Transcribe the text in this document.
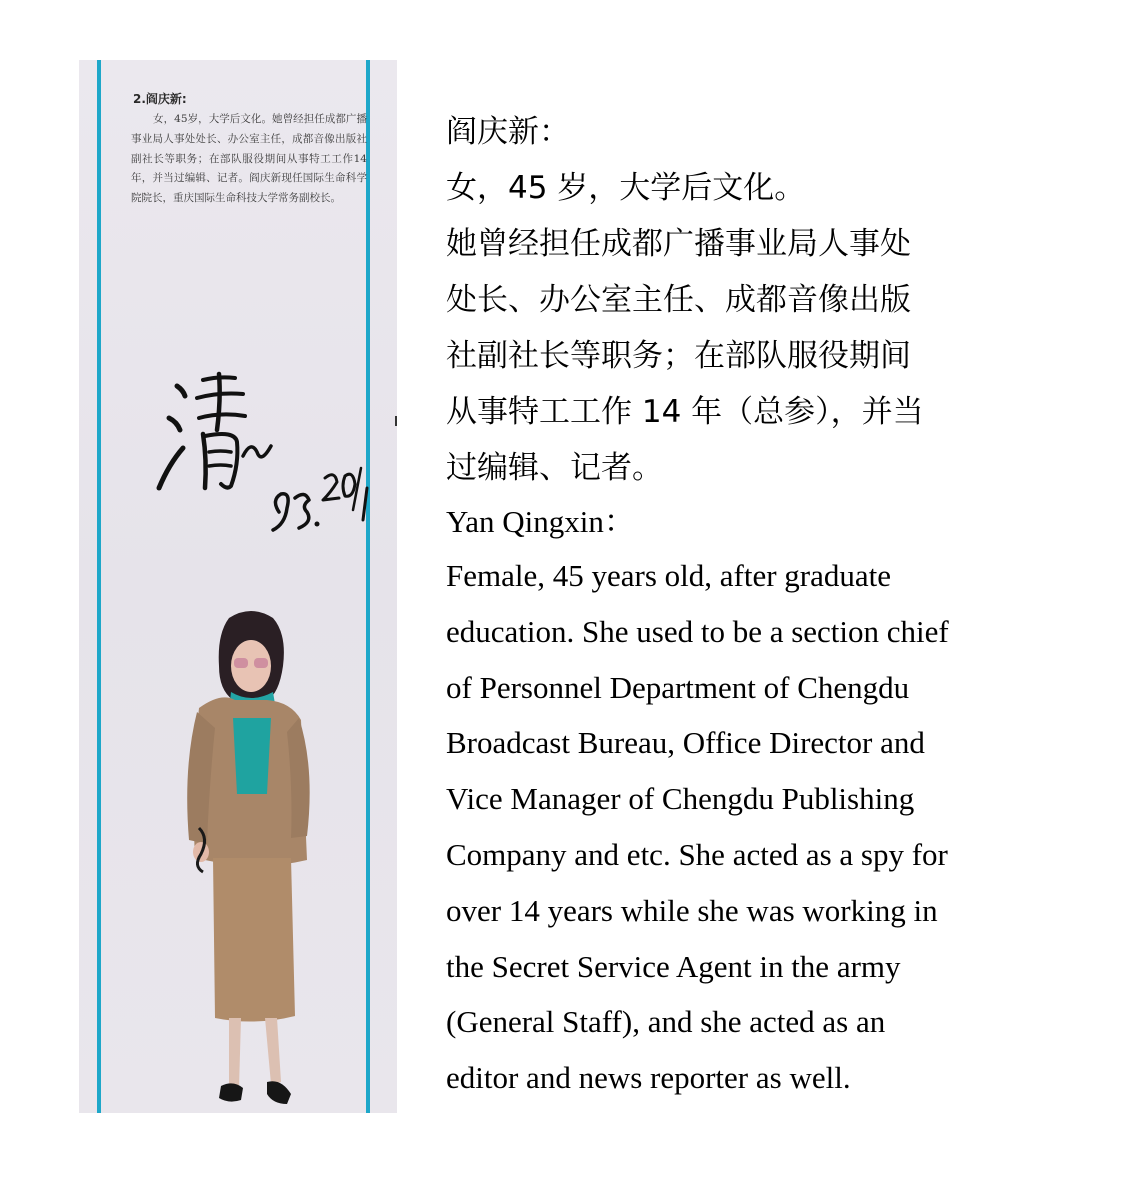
2.阎庆新:

女，45岁，大学后文化。她曾经担任成都广播事业局人事处处长、办公室主任，成都音像出版社副社长等职务；在部队服役期间从事特工工作14年，并当过编辑、记者。阎庆新现任国际生命科学院院长，重庆国际生命科技大学常务副校长。

阎庆新：

女，45 岁，大学后文化。

她曾经担任成都广播事业局人事处

处长、办公室主任、成都音像出版

社副社长等职务；在部队服役期间

从事特工工作 14 年（总参），并当

过编辑、记者。

Yan Qingxin：

Female, 45 years old, after graduate

education. She used to be a section chief

of Personnel Department of Chengdu

Broadcast Bureau, Office Director and

Vice Manager of Chengdu Publishing

Company and etc. She acted as a spy for

over 14 years while she was working in

the Secret Service Agent in the army

(General Staff), and she acted as an

editor and news reporter as well.
